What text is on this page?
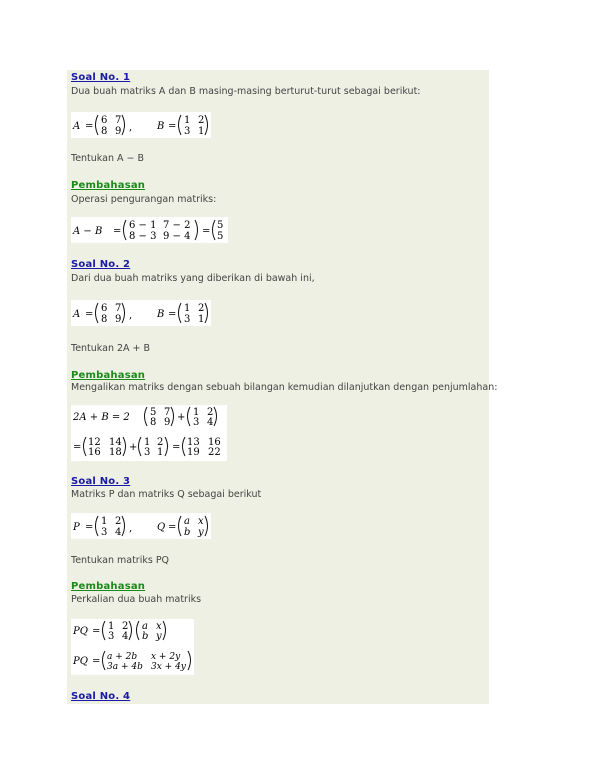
Soal No. 1
Dua buah matriks A dan B masing-masing berturut-turut sebagai berikut:
A =
6 7
8 9 , B =
1 2
3 1
Tentukan A − B
Pembahasan
Operasi pengurangan matriks:
A − B =
6 − 1 7 − 2
8 − 3 9 − 4 =
5
5
Soal No. 2
Dari dua buah matriks yang diberikan di bawah ini,
A =
6 7
8 9 , B =
1 2
3 1
Tentukan 2A + B
Pembahasan
Mengalikan matriks dengan sebuah bilangan kemudian dilanjutkan dengan penjumlahan:
2A + B = 2 5 7
8 9 + 1 2
3 4
= 12 14
16 18 + 1 2
3 1 = 13 16
19 22
Soal No. 3
Matriks P dan matriks Q sebagai berikut
P =
1 2
3 4 , Q =
a x
b y
Tentukan matriks PQ
Pembahasan
Perkalian dua buah matriks
PQ = 1 2
3 4
a x
b y
PQ = a + 2b x + 2y
3a + 4b 3x + 4y
Soal No. 4
